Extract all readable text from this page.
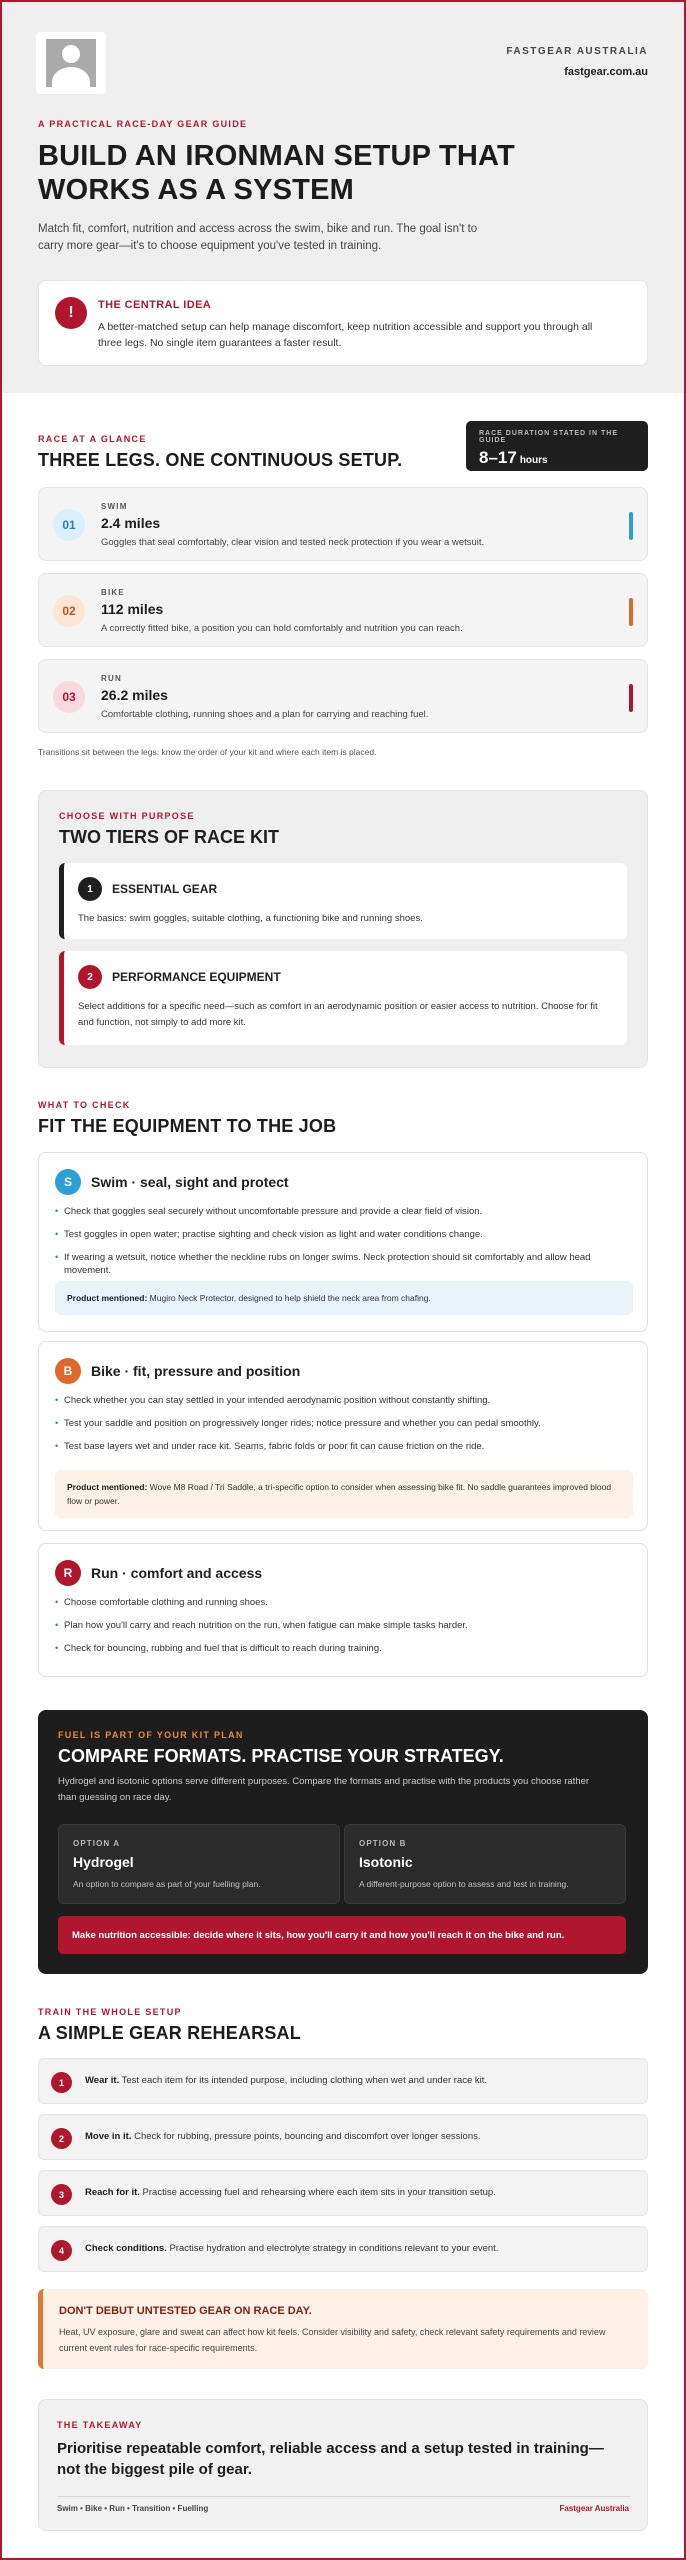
FASTGEAR AUSTRALIA
fastgear.com.au
A PRACTICAL RACE-DAY GEAR GUIDE
BUILD AN IRONMAN SETUP THAT WORKS AS A SYSTEM

Match fit, comfort, nutrition and access across the swim, bike and run. The goal isn't to carry more gear—it's to choose equipment you've tested in training.

!	THE CENTRAL IDEA
A better-matched setup can help manage discomfort, keep nutrition accessible and support you through all three legs. No single item guarantees a faster result.
RACE AT A GLANCE
THREE LEGS. ONE CONTINUOUS SETUP.
RACE DURATION STATED IN THE GUIDE
8–17 hours
01
SWIM
2.4 miles
Goggles that seal comfortably, clear vision and tested neck protection if you wear a wetsuit.
02
BIKE
112 miles
A correctly fitted bike, a position you can hold comfortably and nutrition you can reach.
03
RUN
26.2 miles
Comfortable clothing, running shoes and a plan for carrying and reaching fuel.
Transitions sit between the legs: know the order of your kit and where each item is placed.
CHOOSE WITH PURPOSE
TWO TIERS OF RACE KIT
1	ESSENTIAL GEAR
The basics: swim goggles, suitable clothing, a functioning bike and running shoes.
2	PERFORMANCE EQUIPMENT
Select additions for a specific need—such as comfort in an aerodynamic position or easier access to nutrition. Choose for fit and function, not simply to add more kit.
WHAT TO CHECK
FIT THE EQUIPMENT TO THE JOB
S	Swim · seal, sight and protect
• Check that goggles seal securely without uncomfortable pressure and provide a clear field of vision.
• Test goggles in open water; practise sighting and check vision as light and water conditions change.
• If wearing a wetsuit, notice whether the neckline rubs on longer swims. Neck protection should sit comfortably and allow head movement.
Product mentioned: Mugiro Neck Protector, designed to help shield the neck area from chafing.
B	Bike · fit, pressure and position
• Check whether you can stay settled in your intended aerodynamic position without constantly shifting.
• Test your saddle and position on progressively longer rides; notice pressure and whether you can pedal smoothly.
• Test base layers wet and under race kit. Seams, fabric folds or poor fit can cause friction on the ride.
Product mentioned: Wove M8 Road / Tri Saddle, a tri-specific option to consider when assessing bike fit. No saddle guarantees improved blood flow or power.
R	Run · comfort and access
• Choose comfortable clothing and running shoes.
• Plan how you'll carry and reach nutrition on the run, when fatigue can make simple tasks harder.
• Check for bouncing, rubbing and fuel that is difficult to reach during training.
FUEL IS PART OF YOUR KIT PLAN
COMPARE FORMATS. PRACTISE YOUR STRATEGY.

Hydrogel and isotonic options serve different purposes. Compare the formats and practise with the products you choose rather than guessing on race day.

OPTION A
Hydrogel
An option to compare as part of your fuelling plan.
OPTION B
Isotonic
A different-purpose option to assess and test in training.
Make nutrition accessible: decide where it sits, how you'll carry it and how you'll reach it on the bike and run.
TRAIN THE WHOLE SETUP
A SIMPLE GEAR REHEARSAL
1	Wear it. Test each item for its intended purpose, including clothing when wet and under race kit.
2	Move in it. Check for rubbing, pressure points, bouncing and discomfort over longer sessions.
3	Reach for it. Practise accessing fuel and rehearsing where each item sits in your transition setup.
4	Check conditions. Practise hydration and electrolyte strategy in conditions relevant to your event.
DON'T DEBUT UNTESTED GEAR ON RACE DAY.
Heat, UV exposure, glare and sweat can affect how kit feels. Consider visibility and safety, check relevant safety requirements and review current event rules for race-specific requirements.
THE TAKEAWAY
Prioritise repeatable comfort, reliable access and a setup tested in training—not the biggest pile of gear.
Swim • Bike • Run • Transition • Fuelling	Fastgear Australia
